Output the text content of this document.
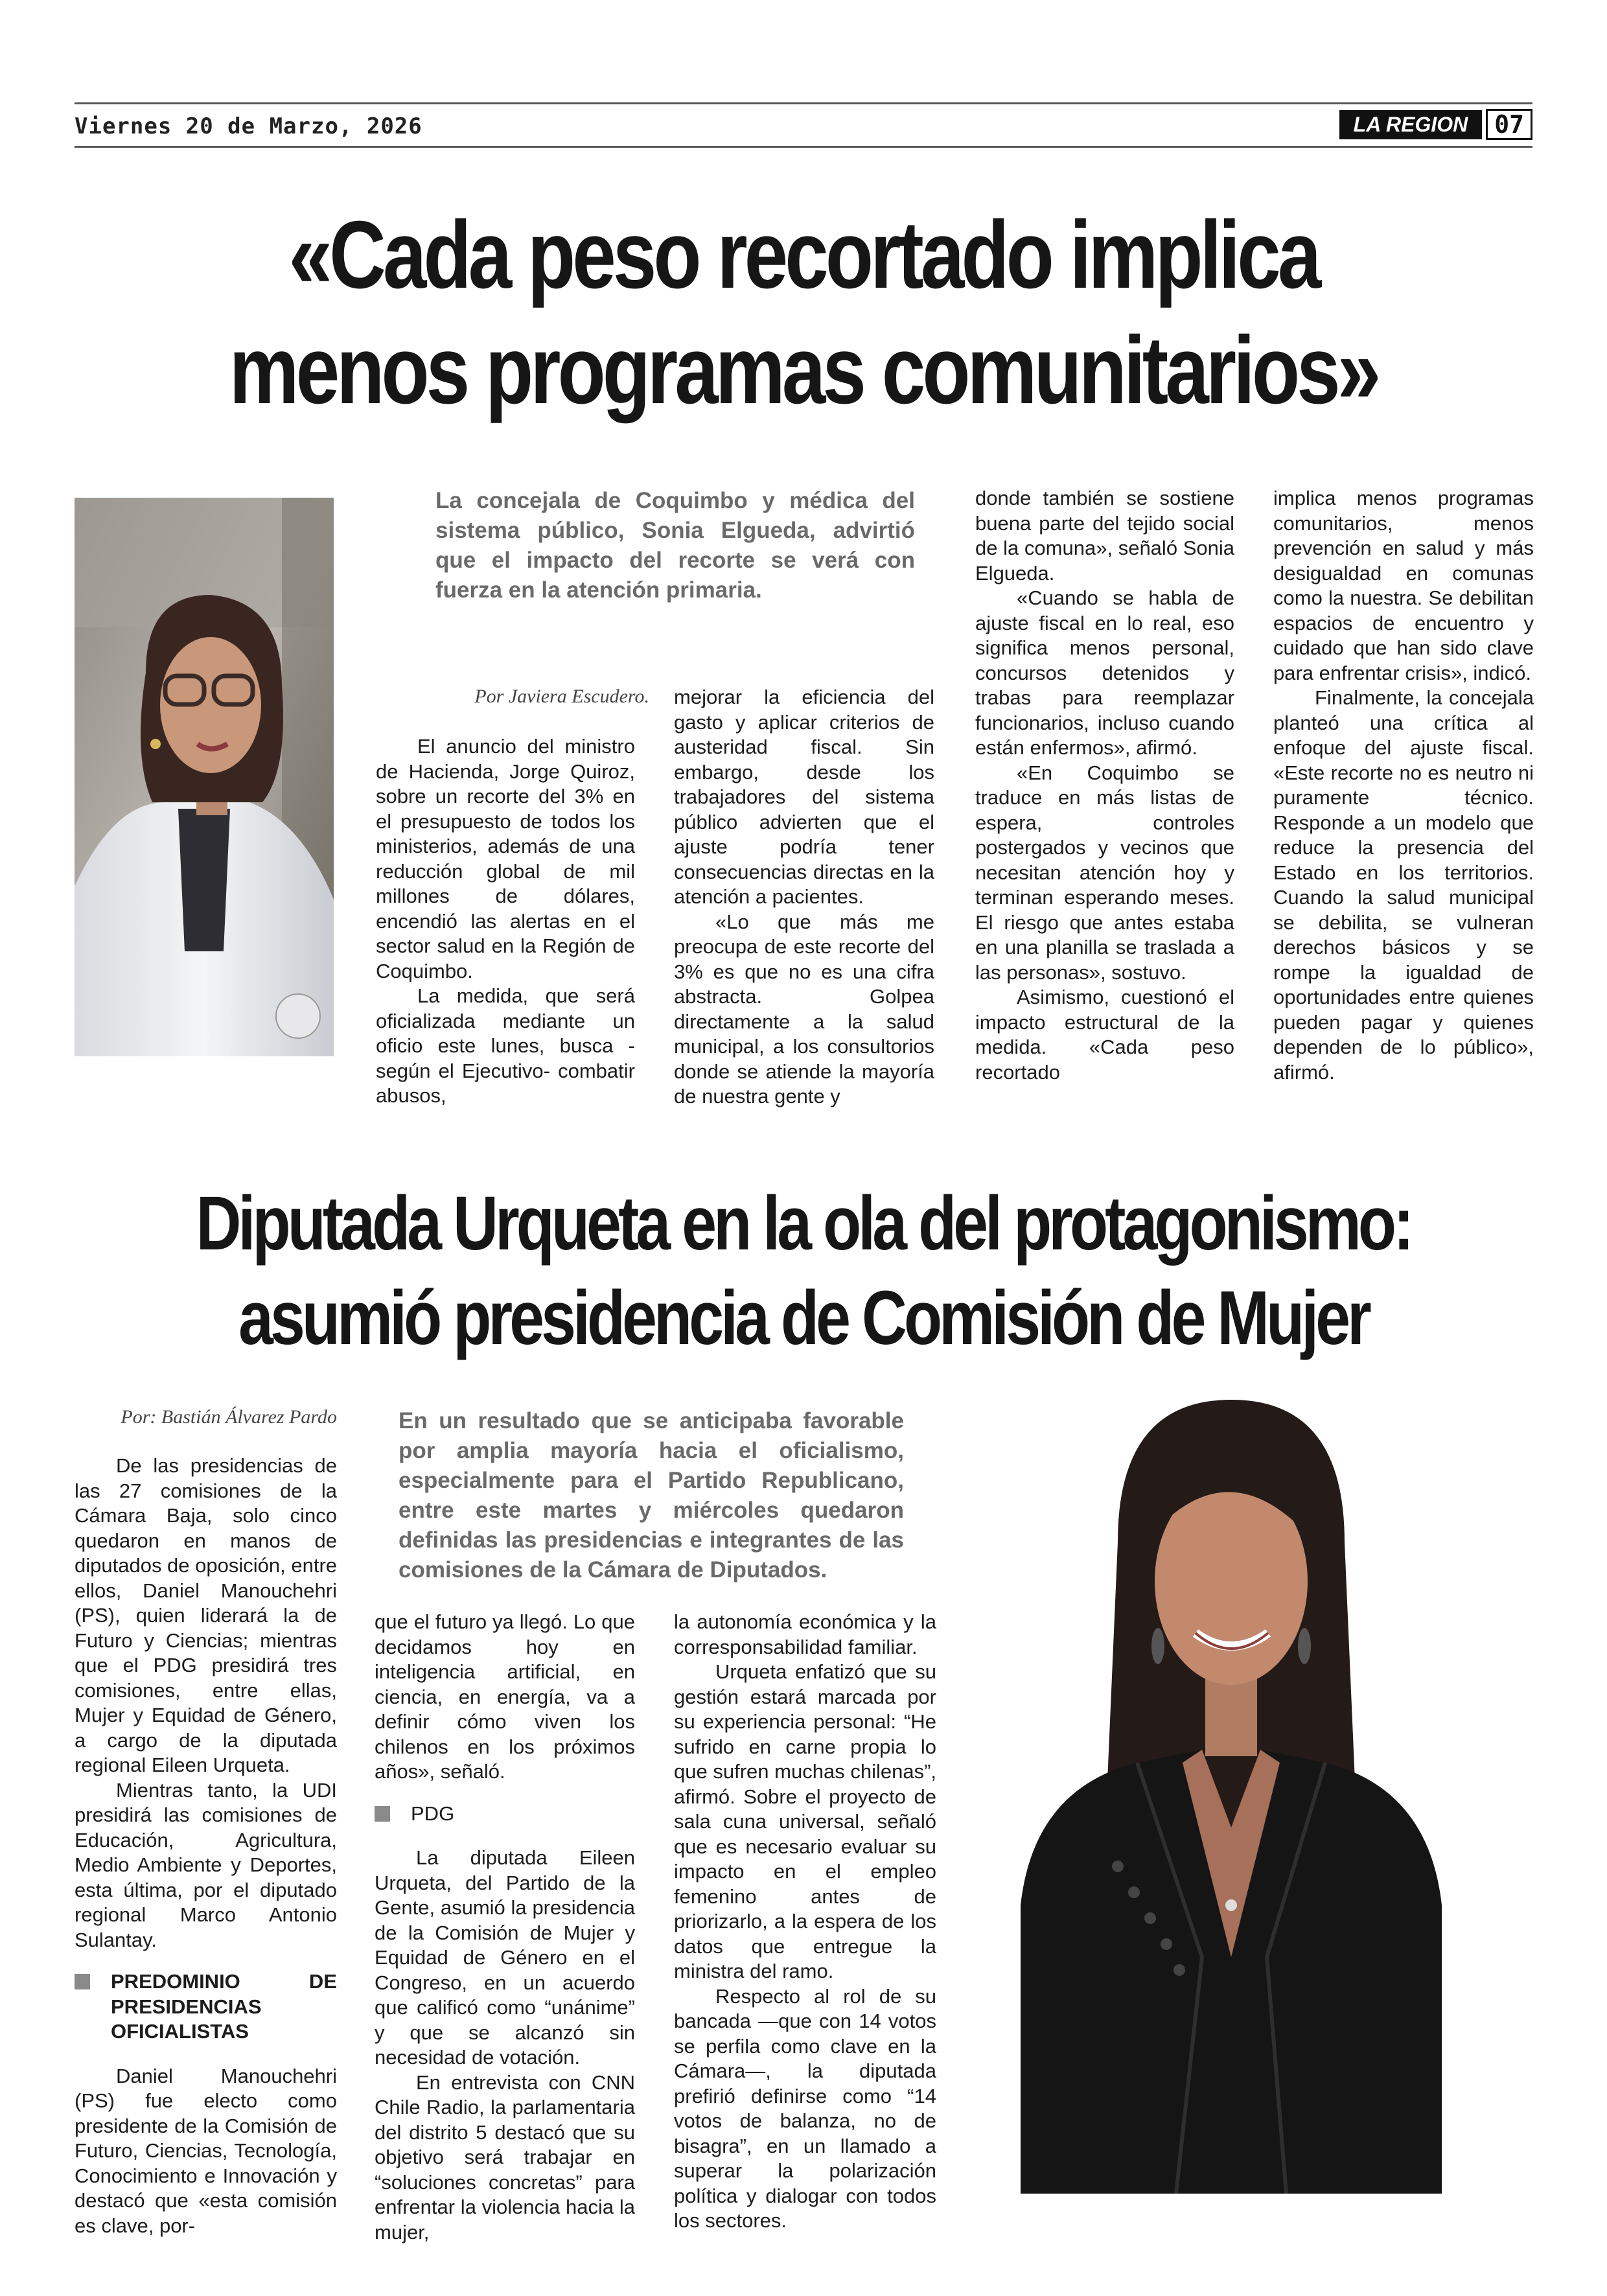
Viernes 20 de Marzo, 2026	LA REGION	07
«Cada peso recortado implica
menos programas comunitarios»
La concejala de Coquimbo y médica del sistema público, Sonia Elgueda, advirtió que el impacto del recorte se verá con fuerza en la atención primaria.
Por Javiera Escudero.

El anuncio del ministro de Hacienda, Jorge Quiroz, sobre un recorte del 3% en el presupuesto de todos los ministerios, además de una reducción global de mil millones de dólares, encendió las alertas en el sector salud en la Región de Coquimbo.

La medida, que será oficializada mediante un oficio este lunes, busca -según el Ejecutivo- combatir abusos,

mejorar la eficiencia del gasto y aplicar criterios de austeridad fiscal. Sin embargo, desde los trabajadores del sistema público advierten que el ajuste podría tener consecuencias directas en la atención a pacientes.

«Lo que más me preocupa de este recorte del 3% es que no es una cifra abstracta. Golpea directamente a la salud municipal, a los consultorios donde se atiende la mayoría de nuestra gente y

donde también se sostiene buena parte del tejido social de la comuna», señaló Sonia Elgueda.

«Cuando se habla de ajuste fiscal en lo real, eso significa menos personal, concursos detenidos y trabas para reemplazar funcionarios, incluso cuando están enfermos», afirmó.

«En Coquimbo se traduce en más listas de espera, controles postergados y vecinos que necesitan atención hoy y terminan esperando meses. El riesgo que antes estaba en una planilla se traslada a las personas», sostuvo.

Asimismo, cuestionó el impacto estructural de la medida. «Cada peso recortado

implica menos programas comunitarios, menos prevención en salud y más desigualdad en comunas como la nuestra. Se debilitan espacios de encuentro y cuidado que han sido clave para enfrentar crisis», indicó.

Finalmente, la concejala planteó una crítica al enfoque del ajuste fiscal. «Este recorte no es neutro ni puramente técnico. Responde a un modelo que reduce la presencia del Estado en los territorios. Cuando la salud municipal se debilita, se vulneran derechos básicos y se rompe la igualdad de oportunidades entre quienes pueden pagar y quienes dependen de lo público», afirmó.

Diputada Urqueta en la ola del protagonismo:
asumió presidencia de Comisión de Mujer
Por: Bastián Álvarez Pardo	En un resultado que se anticipaba favorable por amplia mayoría hacia el oficialismo, especialmente para el Partido Republicano, entre este martes y miércoles quedaron definidas las presidencias e integrantes de las comisiones de la Cámara de Diputados.

De las presidencias de las 27 comisiones de la Cámara Baja, solo cinco quedaron en manos de diputados de oposición, entre ellos, Daniel Manouchehri (PS), quien liderará la de Futuro y Ciencias; mientras que el PDG presidirá tres comisiones, entre ellas, Mujer y Equidad de Género, a cargo de la diputada regional Eileen Urqueta.

Mientras tanto, la UDI presidirá las comisiones de Educación, Agricultura, Medio Ambiente y Deportes, esta última, por el diputado regional Marco Antonio Sulantay.

PREDOMINIO DE PRESIDENCIAS OFICIALISTAS

Daniel Manouchehri (PS) fue electo como presidente de la Comisión de Futuro, Ciencias, Tecnología, Conocimiento e Innovación y destacó que «esta comisión es clave, por-

que el futuro ya llegó. Lo que decidamos hoy en inteligencia artificial, en ciencia, en energía, va a definir cómo viven los chilenos en los próximos años», señaló.

PDG

La diputada Eileen Urqueta, del Partido de la Gente, asumió la presidencia de la Comisión de Mujer y Equidad de Género en el Congreso, en un acuerdo que calificó como “unánime” y que se alcanzó sin necesidad de votación.

En entrevista con CNN Chile Radio, la parlamentaria del distrito 5 destacó que su objetivo será trabajar en “soluciones concretas” para enfrentar la violencia hacia la mujer,

la autonomía económica y la corresponsabilidad familiar.

Urqueta enfatizó que su gestión estará marcada por su experiencia personal: “He sufrido en carne propia lo que sufren muchas chilenas”, afirmó. Sobre el proyecto de sala cuna universal, señaló que es necesario evaluar su impacto en el empleo femenino antes de priorizarlo, a la espera de los datos que entregue la ministra del ramo.

Respecto al rol de su bancada —que con 14 votos se perfila como clave en la Cámara—, la diputada prefirió definirse como “14 votos de balanza, no de bisagra”, en un llamado a superar la polarización política y dialogar con todos los sectores.
